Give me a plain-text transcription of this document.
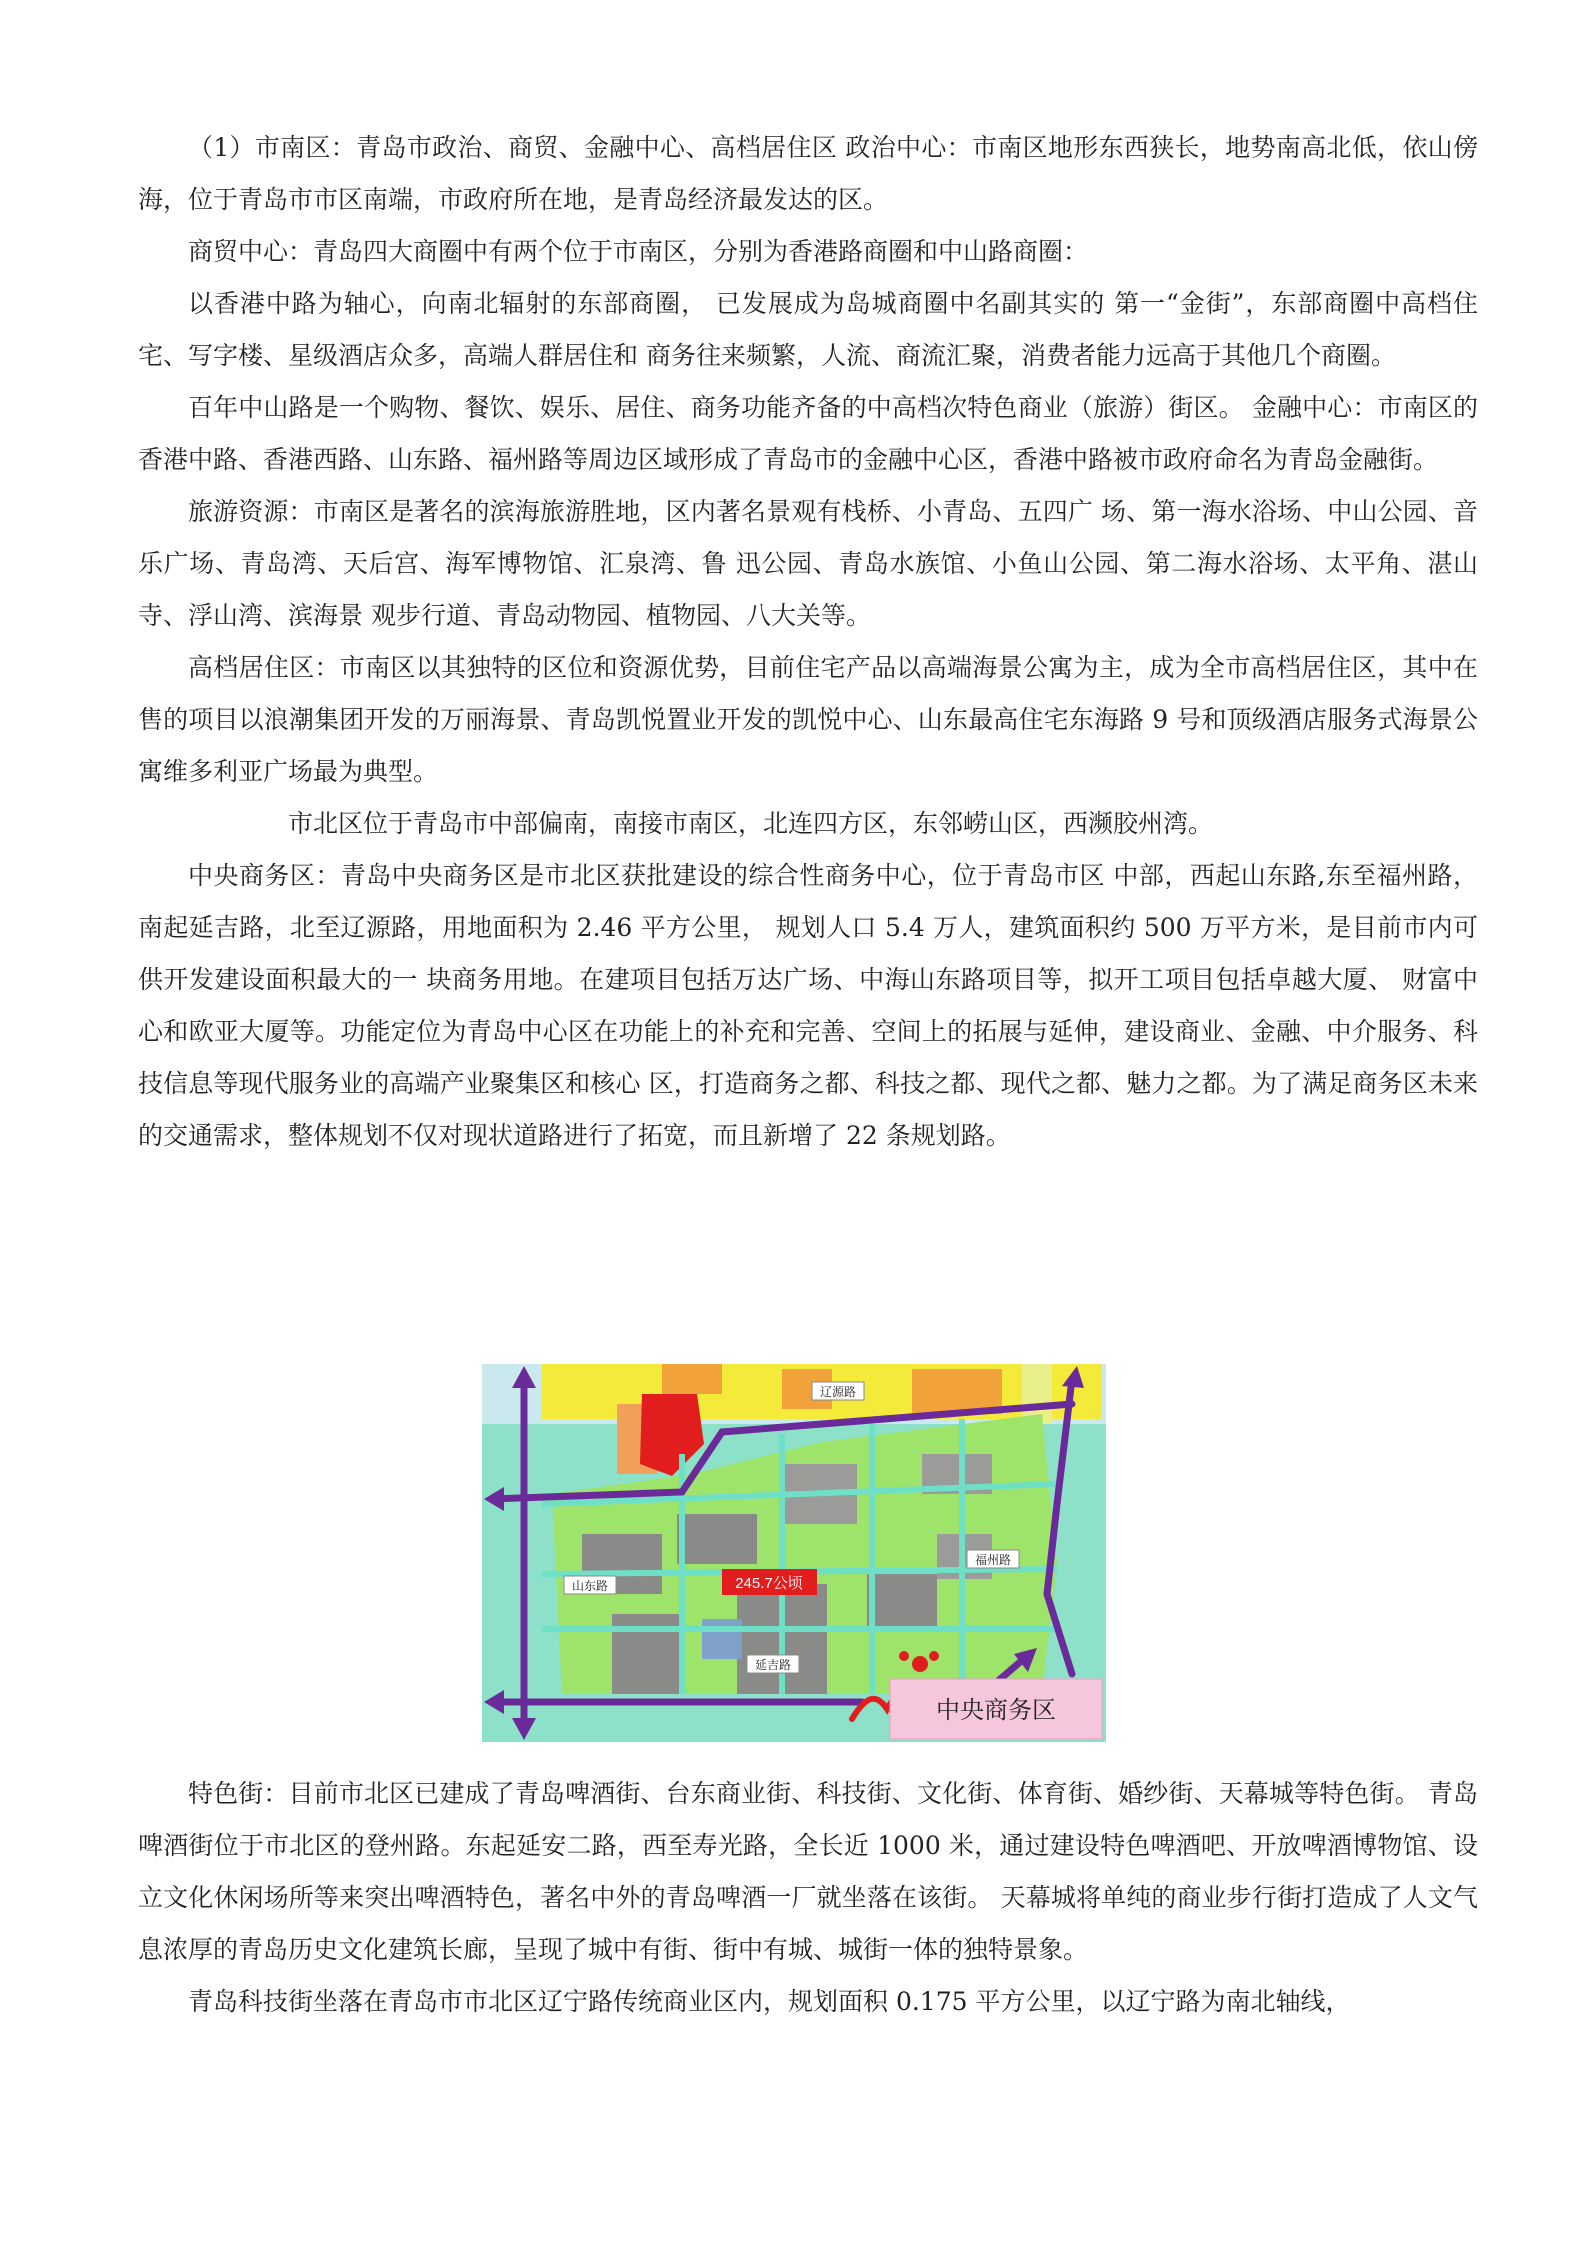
（1）市南区：青岛市政治、商贸、金融中心、高档居住区 政治中心：市南区地形东西狭长，地势南高北低，依山傍海，位于青岛市市区南端，市政府所在地，是青岛经济最发达的区。

商贸中心：青岛四大商圈中有两个位于市南区，分别为香港路商圈和中山路商圈：

以香港中路为轴心，向南北辐射的东部商圈， 已发展成为岛城商圈中名副其实的 第一“金街”，东部商圈中高档住宅、写字楼、星级酒店众多，高端人群居住和 商务往来频繁，人流、商流汇聚，消费者能力远高于其他几个商圈。

百年中山路是一个购物、餐饮、娱乐、居住、商务功能齐备的中高档次特色商业（旅游）街区。 金融中心：市南区的香港中路、香港西路、山东路、福州路等周边区域形成了青岛市的金融中心区，香港中路被市政府命名为青岛金融街。

旅游资源：市南区是著名的滨海旅游胜地，区内著名景观有栈桥、小青岛、五四广 场、第一海水浴场、中山公园、音乐广场、青岛湾、天后宫、海军博物馆、汇泉湾、鲁 迅公园、青岛水族馆、小鱼山公园、第二海水浴场、太平角、湛山寺、浮山湾、滨海景 观步行道、青岛动物园、植物园、八大关等。

高档居住区：市南区以其独特的区位和资源优势，目前住宅产品以高端海景公寓为主，成为全市高档居住区，其中在售的项目以浪潮集团开发的万丽海景、青岛凯悦置业开发的凯悦中心、山东最高住宅东海路 9 号和顶级酒店服务式海景公寓维多利亚广场最为典型。

市北区位于青岛市中部偏南，南接市南区，北连四方区，东邻崂山区，西濒胶州湾。

中央商务区：青岛中央商务区是市北区获批建设的综合性商务中心，位于青岛市区 中部，西起山东路,东至福州路，南起延吉路，北至辽源路，用地面积为 2.46 平方公里， 规划人口 5.4 万人，建筑面积约 500 万平方米，是目前市内可供开发建设面积最大的一 块商务用地。在建项目包括万达广场、中海山东路项目等，拟开工项目包括卓越大厦、 财富中心和欧亚大厦等。功能定位为青岛中心区在功能上的补充和完善、空间上的拓展与延伸，建设商业、金融、中介服务、科技信息等现代服务业的高端产业聚集区和核心 区，打造商务之都、科技之都、现代之都、魅力之都。为了满足商务区未来的交通需求，整体规划不仅对现状道路进行了拓宽，而且新增了 22 条规划路。

辽源路
山东路
福州路
延吉路
245.7公顷
中央商务区

特色街：目前市北区已建成了青岛啤酒街、台东商业街、科技街、文化街、体育街、婚纱街、天幕城等特色街。 青岛啤酒街位于市北区的登州路。东起延安二路，西至寿光路，全长近 1000 米，通过建设特色啤酒吧、开放啤酒博物馆、设立文化休闲场所等来突出啤酒特色，著名中外的青岛啤酒一厂就坐落在该街。 天幕城将单纯的商业步行街打造成了人文气息浓厚的青岛历史文化建筑长廊，呈现了城中有街、街中有城、城街一体的独特景象。

青岛科技街坐落在青岛市市北区辽宁路传统商业区内，规划面积 0.175 平方公里，以辽宁路为南北轴线，
